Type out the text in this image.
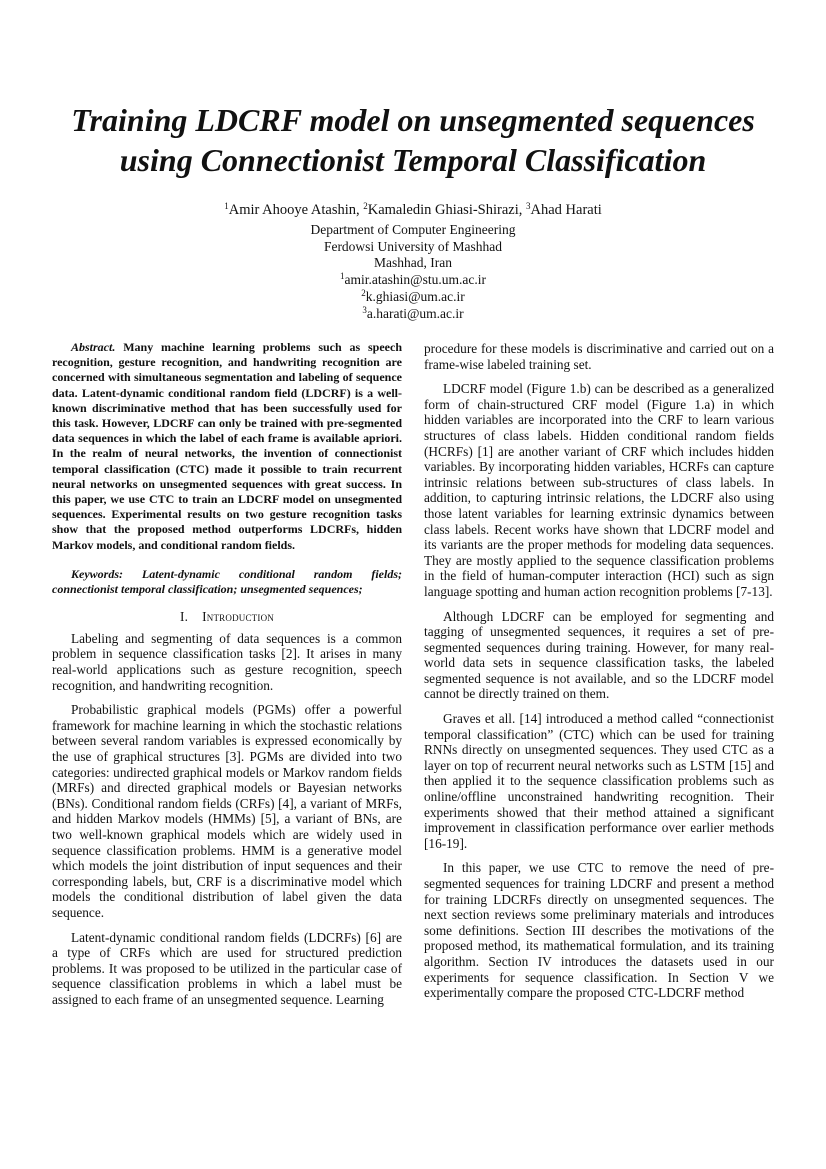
Training LDCRF model on unsegmented sequences
using Connectionist Temporal Classification
$^1$Amir Ahooye Atashin, $^2$Kamaledin Ghiasi-Shirazi, $^3$Ahad Harati
Department of Computer Engineering
Ferdowsi University of Mashhad
Mashhad, Iran
$^1$amir.atashin@stu.um.ac.ir
$^2$k.ghiasi@um.ac.ir
$^3$a.harati@um.ac.ir

Abstract. Many machine learning problems such as speech recognition, gesture recognition, and handwriting recognition are concerned with simultaneous segmentation and labeling of sequence data. Latent-dynamic conditional random field (LDCRF) is a well-known discriminative method that has been successfully used for this task. However, LDCRF can only be trained with pre-segmented data sequences in which the label of each frame is available apriori. In the realm of neural networks, the invention of connectionist temporal classification (CTC) made it possible to train recurrent neural networks on unsegmented sequences with great success. In this paper, we use CTC to train an LDCRF model on unsegmented sequences. Experimental results on two gesture recognition tasks show that the proposed method outperforms LDCRFs, hidden Markov models, and conditional random fields.

Keywords: Latent-dynamic conditional random fields; connectionist temporal classification; unsegmented sequences;

I. Introduction

Labeling and segmenting of data sequences is a common problem in sequence classification tasks [2]. It arises in many real-world applications such as gesture recognition, speech recognition, and handwriting recognition.

Probabilistic graphical models (PGMs) offer a powerful framework for machine learning in which the stochastic relations between several random variables is expressed economically by the use of graphical structures [3]. PGMs are divided into two categories: undirected graphical models or Markov random fields (MRFs) and directed graphical models or Bayesian networks (BNs). Conditional random fields (CRFs) [4], a variant of MRFs, and hidden Markov models (HMMs) [5], a variant of BNs, are two well-known graphical models which are widely used in sequence classification problems. HMM is a generative model which models the joint distribution of input sequences and their corresponding labels, but, CRF is a discriminative model which models the conditional distribution of label given the data sequence.

Latent-dynamic conditional random fields (LDCRFs) [6] are a type of CRFs which are used for structured prediction problems. It was proposed to be utilized in the particular case of sequence classification problems in which a label must be assigned to each frame of an unsegmented sequence. Learning

procedure for these models is discriminative and carried out on a frame-wise labeled training set.

LDCRF model (Figure 1.b) can be described as a generalized form of chain-structured CRF model (Figure 1.a) in which hidden variables are incorporated into the CRF to learn various structures of class labels. Hidden conditional random fields (HCRFs) [1] are another variant of CRF which includes hidden variables. By incorporating hidden variables, HCRFs can capture intrinsic relations between sub-structures of class labels. In addition, to capturing intrinsic relations, the LDCRF also using those latent variables for learning extrinsic dynamics between class labels. Recent works have shown that LDCRF model and its variants are the proper methods for modeling data sequences. They are mostly applied to the sequence classification problems in the field of human-computer interaction (HCI) such as sign language spotting and human action recognition problems [7-13].

Although LDCRF can be employed for segmenting and tagging of unsegmented sequences, it requires a set of pre-segmented sequences during training. However, for many real-world data sets in sequence classification tasks, the labeled segmented sequence is not available, and so the LDCRF model cannot be directly trained on them.

Graves et all. [14] introduced a method called “connectionist temporal classification” (CTC) which can be used for training RNNs directly on unsegmented sequences. They used CTC as a layer on top of recurrent neural networks such as LSTM [15] and then applied it to the sequence classification problems such as online/offline unconstrained handwriting recognition. Their experiments showed that their method attained a significant improvement in classification performance over earlier methods [16-19].

In this paper, we use CTC to remove the need of pre-segmented sequences for training LDCRF and present a method for training LDCRFs directly on unsegmented sequences. The next section reviews some preliminary materials and introduces some definitions. Section III describes the motivations of the proposed method, its mathematical formulation, and its training algorithm. Section IV introduces the datasets used in our experiments for sequence classification. In Section V we experimentally compare the proposed CTC-LDCRF method
